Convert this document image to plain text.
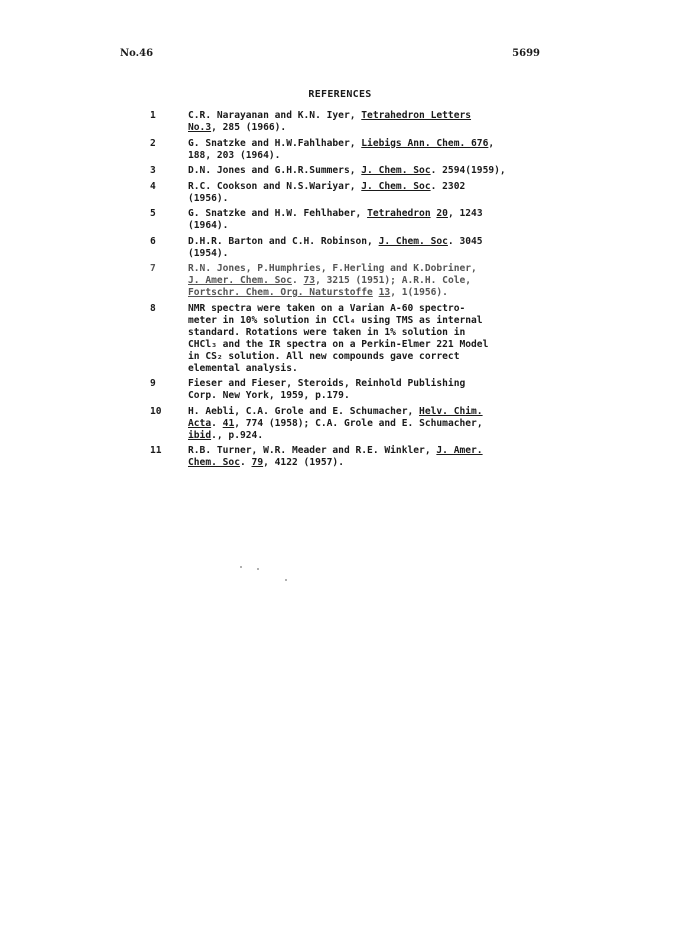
No.46	5699
REFERENCES
1	C.R. Narayanan and K.N. Iyer, Tetrahedron Letters
No.3, 285 (1966).
2	G. Snatzke and H.W.Fahlhaber, Liebigs Ann. Chem. 676,
188, 203 (1964).
3	D.N. Jones and G.H.R.Summers, J. Chem. Soc. 2594(1959),
4	R.C. Cookson and N.S.Wariyar, J. Chem. Soc. 2302
(1956).
5	G. Snatzke and H.W. Fehlhaber, Tetrahedron 20, 1243
(1964).
6	D.H.R. Barton and C.H. Robinson, J. Chem. Soc. 3045
(1954).
7	R.N. Jones, P.Humphries, F.Herling and K.Dobriner,
J. Amer. Chem. Soc. 73, 3215 (1951); A.R.H. Cole,
Fortschr. Chem. Org. Naturstoffe 13, 1(1956).
8	NMR spectra were taken on a Varian A-60 spectro-
meter in 10% solution in CCl₄ using TMS as internal
standard. Rotations were taken in 1% solution in
CHCl₃ and the IR spectra on a Perkin-Elmer 221 Model
in CS₂ solution. All new compounds gave correct
elemental analysis.
9	Fieser and Fieser, Steroids, Reinhold Publishing
Corp. New York, 1959, p.179.
10	H. Aebli, C.A. Grole and E. Schumacher, Helv. Chim.
Acta. 41, 774 (1958); C.A. Grole and E. Schumacher,
ibid., p.924.
11	R.B. Turner, W.R. Meader and R.E. Winkler, J. Amer.
Chem. Soc. 79, 4122 (1957).
